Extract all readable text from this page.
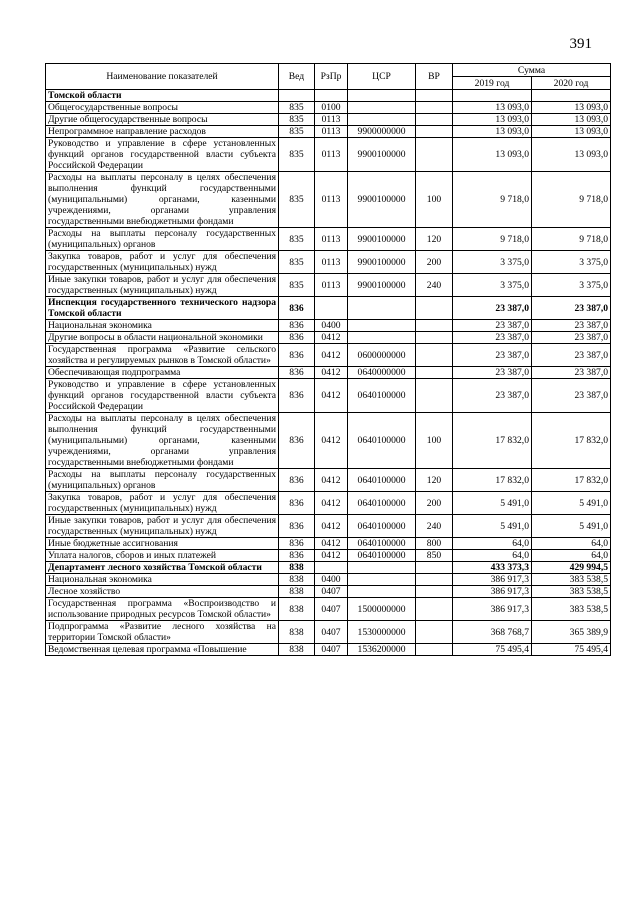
391
Наименование показателей	Вед	РзПр	ЦСР	ВР	Сумма	
					2019 год	2020 год
Томской области						
Общегосударственные вопросы	835	0100			13 093,0	13 093,0
Другие общегосударственные вопросы	835	0113			13 093,0	13 093,0
Непрограммное направление расходов	835	0113	9900000000		13 093,0	13 093,0
Руководство и управление в сфере установленных функций органов государственной власти субъекта Российской Федерации	835	0113	9900100000		13 093,0	13 093,0
Расходы на выплаты персоналу в целях обеспечения выполнения функций государственными (муниципальными) органами, казенными учреждениями, органами управления государственными внебюджетными фондами	835	0113	9900100000	100	9 718,0	9 718,0
Расходы на выплаты персоналу государственных (муниципальных) органов	835	0113	9900100000	120	9 718,0	9 718,0
Закупка товаров, работ и услуг для обеспечения государственных (муниципальных) нужд	835	0113	9900100000	200	3 375,0	3 375,0
Иные закупки товаров, работ и услуг для обеспечения государственных (муниципальных) нужд	835	0113	9900100000	240	3 375,0	3 375,0
Инспекция государственного технического надзора Томской области	836				23 387,0	23 387,0
Национальная экономика	836	0400			23 387,0	23 387,0
Другие вопросы в области национальной экономики	836	0412			23 387,0	23 387,0
Государственная программа «Развитие сельского хозяйства и регулируемых рынков в Томской области»	836	0412	0600000000		23 387,0	23 387,0
Обеспечивающая подпрограмма	836	0412	0640000000		23 387,0	23 387,0
Руководство и управление в сфере установленных функций органов государственной власти субъекта Российской Федерации	836	0412	0640100000		23 387,0	23 387,0
Расходы на выплаты персоналу в целях обеспечения выполнения функций государственными (муниципальными) органами, казенными учреждениями, органами управления государственными внебюджетными фондами	836	0412	0640100000	100	17 832,0	17 832,0
Расходы на выплаты персоналу государственных (муниципальных) органов	836	0412	0640100000	120	17 832,0	17 832,0
Закупка товаров, работ и услуг для обеспечения государственных (муниципальных) нужд	836	0412	0640100000	200	5 491,0	5 491,0
Иные закупки товаров, работ и услуг для обеспечения государственных (муниципальных) нужд	836	0412	0640100000	240	5 491,0	5 491,0
Иные бюджетные ассигнования	836	0412	0640100000	800	64,0	64,0
Уплата налогов, сборов и иных платежей	836	0412	0640100000	850	64,0	64,0
Департамент лесного хозяйства Томской области	838				433 373,3	429 994,5
Национальная экономика	838	0400			386 917,3	383 538,5
Лесное хозяйство	838	0407			386 917,3	383 538,5
Государственная программа «Воспроизводство и использование природных ресурсов Томской области»	838	0407	1500000000		386 917,3	383 538,5
Подпрограмма «Развитие лесного хозяйства на территории Томской области»	838	0407	1530000000		368 768,7	365 389,9
Ведомственная целевая программа «Повышение	838	0407	1536200000		75 495,4	75 495,4
